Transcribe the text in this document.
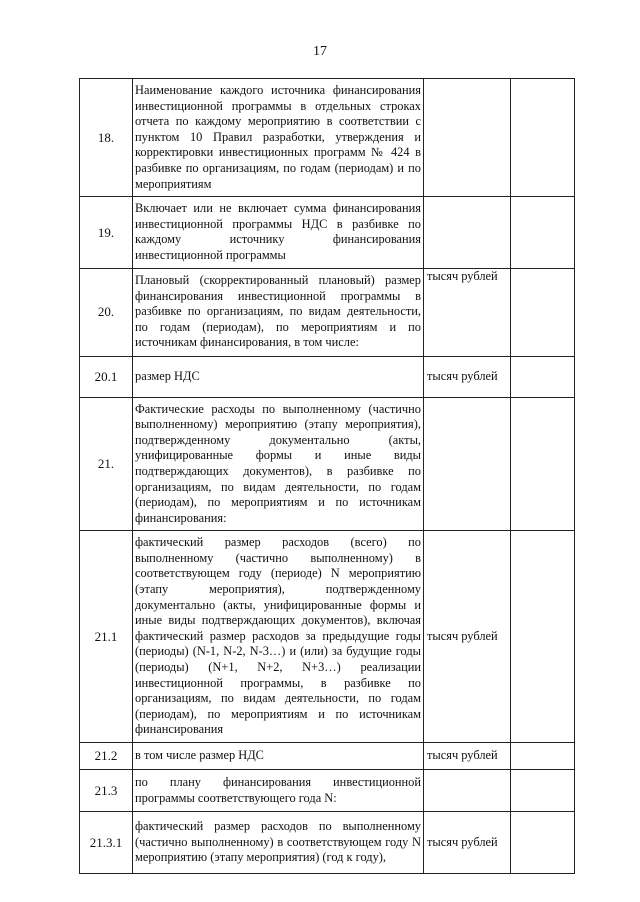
17
18.	Наименование каждого источника финансирования инвестиционной программы в отдельных строках отчета по каждому мероприятию в соответствии с пунктом 10 Правил разработки, утверждения и корректировки инвестиционных программ № 424 в разбивке по организациям, по годам (периодам) и по мероприятиям		
19.	Включает или не включает сумма финансирования инвестиционной программы НДС в разбивке по каждому источнику финансирования инвестиционной программы		
20.	Плановый (скорректированный плановый) размер финансирования инвестиционной программы в разбивке по организациям, по видам деятельности, по годам (периодам), по мероприятиям и по источникам финансирования, в том числе:	тысяч рублей	
20.1	размер НДС	тысяч рублей	
21.	Фактические расходы по выполненному (частично выполненному) мероприятию (этапу мероприятия), подтвержденному документально (акты, унифицированные формы и иные виды подтверждающих документов), в разбивке по организациям, по видам деятельности, по годам (периодам), по мероприятиям и по источникам финансирования:		
21.1	фактический размер расходов (всего) по выполненному (частично выполненному) в соответствующем году (периоде) N мероприятию (этапу мероприятия), подтвержденному документально (акты, унифицированные формы и иные виды подтверждающих документов), включая фактический размер расходов за предыдущие годы (периоды) (N-1, N-2, N-3…) и (или) за будущие годы (периоды) (N+1, N+2, N+3…) реализации инвестиционной программы, в разбивке по организациям, по видам деятельности, по годам (периодам), по мероприятиям и по источникам финансирования	тысяч рублей	
21.2	в том числе размер НДС	тысяч рублей	
21.3	по плану финансирования инвестиционной программы соответствующего года N:		
21.3.1	фактический размер расходов по выполненному (частично выполненному) в соответствующем году N мероприятию (этапу мероприятия) (год к году),	тысяч рублей	
